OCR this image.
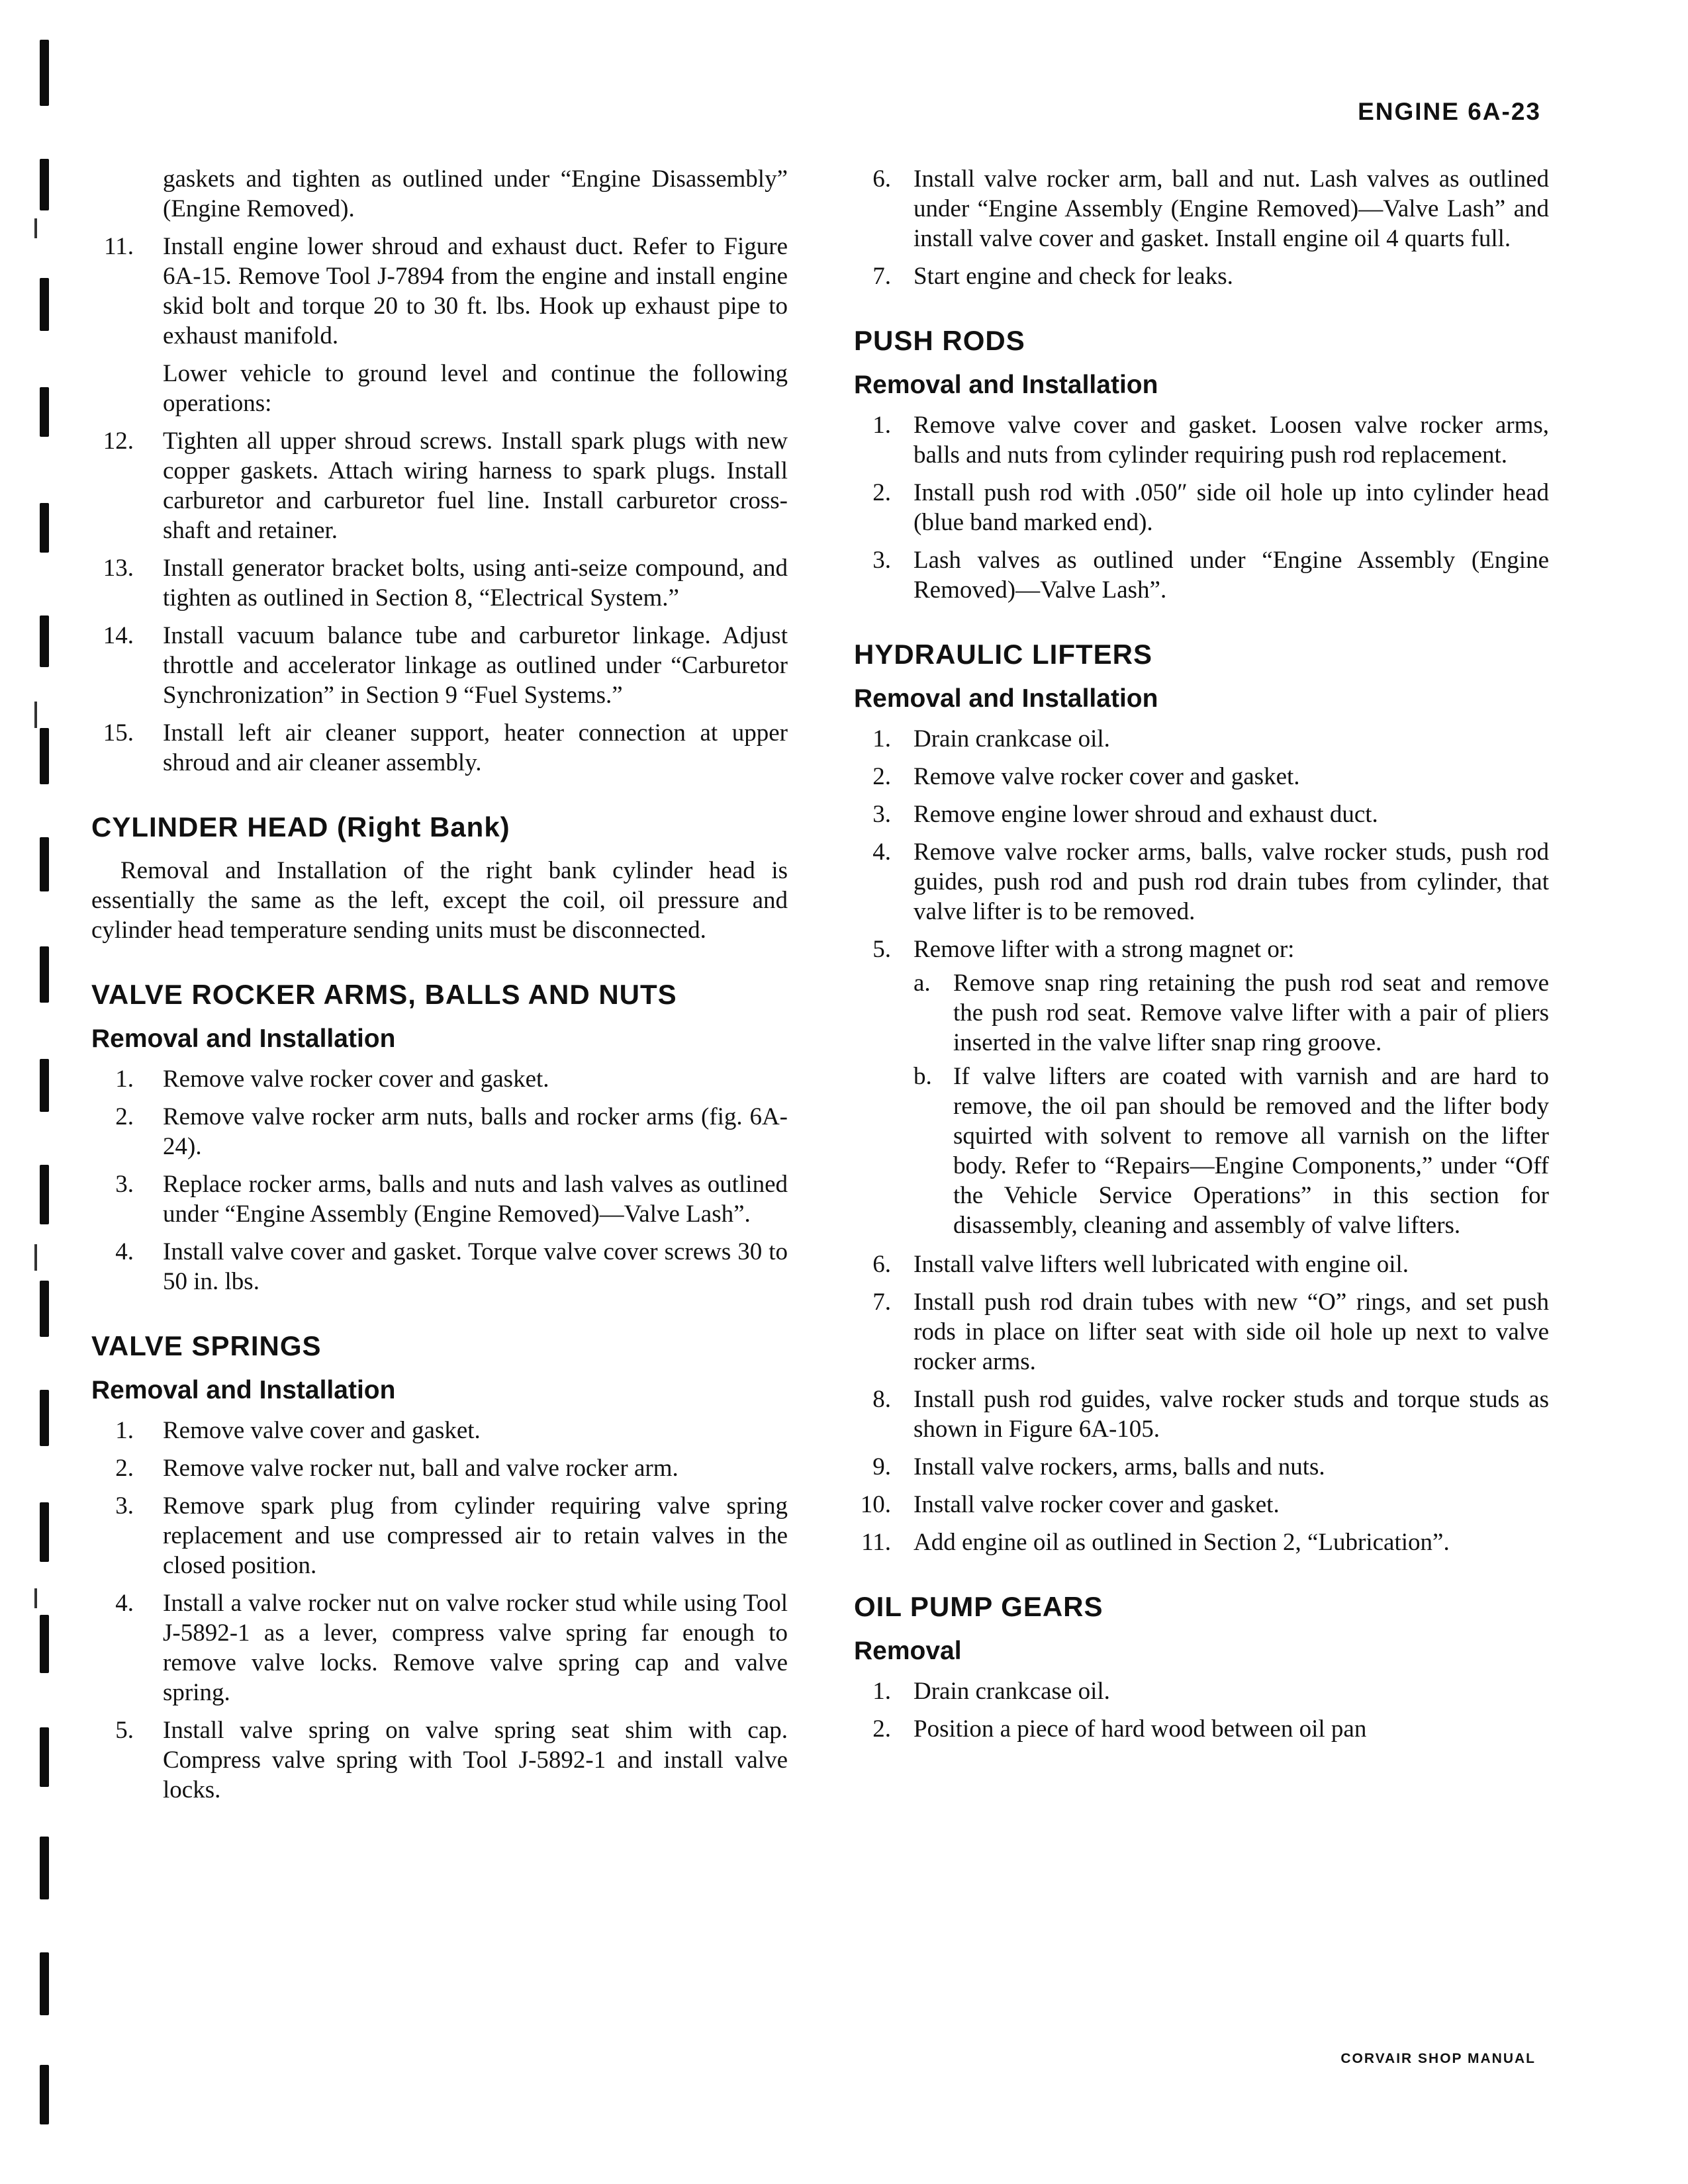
ENGINE 6A-23
gaskets and tighten as outlined under “Engine Disassembly” (Engine Removed).
11. Install engine lower shroud and exhaust duct. Refer to Figure 6A-15. Remove Tool J-7894 from the engine and install engine skid bolt and torque 20 to 30 ft. lbs. Hook up exhaust pipe to exhaust manifold.
Lower vehicle to ground level and continue the following operations:
12. Tighten all upper shroud screws. Install spark plugs with new copper gaskets. Attach wiring harness to spark plugs. Install carburetor and carburetor fuel line. Install carburetor cross-shaft and retainer.
13. Install generator bracket bolts, using anti-seize compound, and tighten as outlined in Section 8, “Electrical System.”
14. Install vacuum balance tube and carburetor linkage. Adjust throttle and accelerator linkage as outlined under “Carburetor Synchronization” in Section 9 “Fuel Systems.”
15. Install left air cleaner support, heater connection at upper shroud and air cleaner assembly.
CYLINDER HEAD (Right Bank)
Removal and Installation of the right bank cylinder head is essentially the same as the left, except the coil, oil pressure and cylinder head temperature sending units must be disconnected.
VALVE ROCKER ARMS, BALLS AND NUTS
Removal and Installation
1. Remove valve rocker cover and gasket.
2. Remove valve rocker arm nuts, balls and rocker arms (fig. 6A-24).
3. Replace rocker arms, balls and nuts and lash valves as outlined under “Engine Assembly (Engine Removed)—Valve Lash”.
4. Install valve cover and gasket. Torque valve cover screws 30 to 50 in. lbs.
VALVE SPRINGS
Removal and Installation
1. Remove valve cover and gasket.
2. Remove valve rocker nut, ball and valve rocker arm.
3. Remove spark plug from cylinder requiring valve spring replacement and use compressed air to retain valves in the closed position.
4. Install a valve rocker nut on valve rocker stud while using Tool J-5892-1 as a lever, compress valve spring far enough to remove valve locks. Remove valve spring cap and valve spring.
5. Install valve spring on valve spring seat shim with cap. Compress valve spring with Tool J-5892-1 and install valve locks.
6. Install valve rocker arm, ball and nut. Lash valves as outlined under “Engine Assembly (Engine Removed)—Valve Lash” and install valve cover and gasket. Install engine oil 4 quarts full.
7. Start engine and check for leaks.
PUSH RODS
Removal and Installation
1. Remove valve cover and gasket. Loosen valve rocker arms, balls and nuts from cylinder requiring push rod replacement.
2. Install push rod with .050″ side oil hole up into cylinder head (blue band marked end).
3. Lash valves as outlined under “Engine Assembly (Engine Removed)—Valve Lash”.
HYDRAULIC LIFTERS
Removal and Installation
1. Drain crankcase oil.
2. Remove valve rocker cover and gasket.
3. Remove engine lower shroud and exhaust duct.
4. Remove valve rocker arms, balls, valve rocker studs, push rod guides, push rod and push rod drain tubes from cylinder, that valve lifter is to be removed.
5. Remove lifter with a strong magnet or:
a. Remove snap ring retaining the push rod seat and remove the push rod seat. Remove valve lifter with a pair of pliers inserted in the valve lifter snap ring groove.
b. If valve lifters are coated with varnish and are hard to remove, the oil pan should be removed and the lifter body squirted with solvent to remove all varnish on the lifter body. Refer to “Repairs—Engine Components,” under “Off the Vehicle Service Operations” in this section for disassembly, cleaning and assembly of valve lifters.
6. Install valve lifters well lubricated with engine oil.
7. Install push rod drain tubes with new “O” rings, and set push rods in place on lifter seat with side oil hole up next to valve rocker arms.
8. Install push rod guides, valve rocker studs and torque studs as shown in Figure 6A-105.
9. Install valve rockers, arms, balls and nuts.
10. Install valve rocker cover and gasket.
11. Add engine oil as outlined in Section 2, “Lubrication”.
OIL PUMP GEARS
Removal
1. Drain crankcase oil.
2. Position a piece of hard wood between oil pan
CORVAIR SHOP MANUAL
